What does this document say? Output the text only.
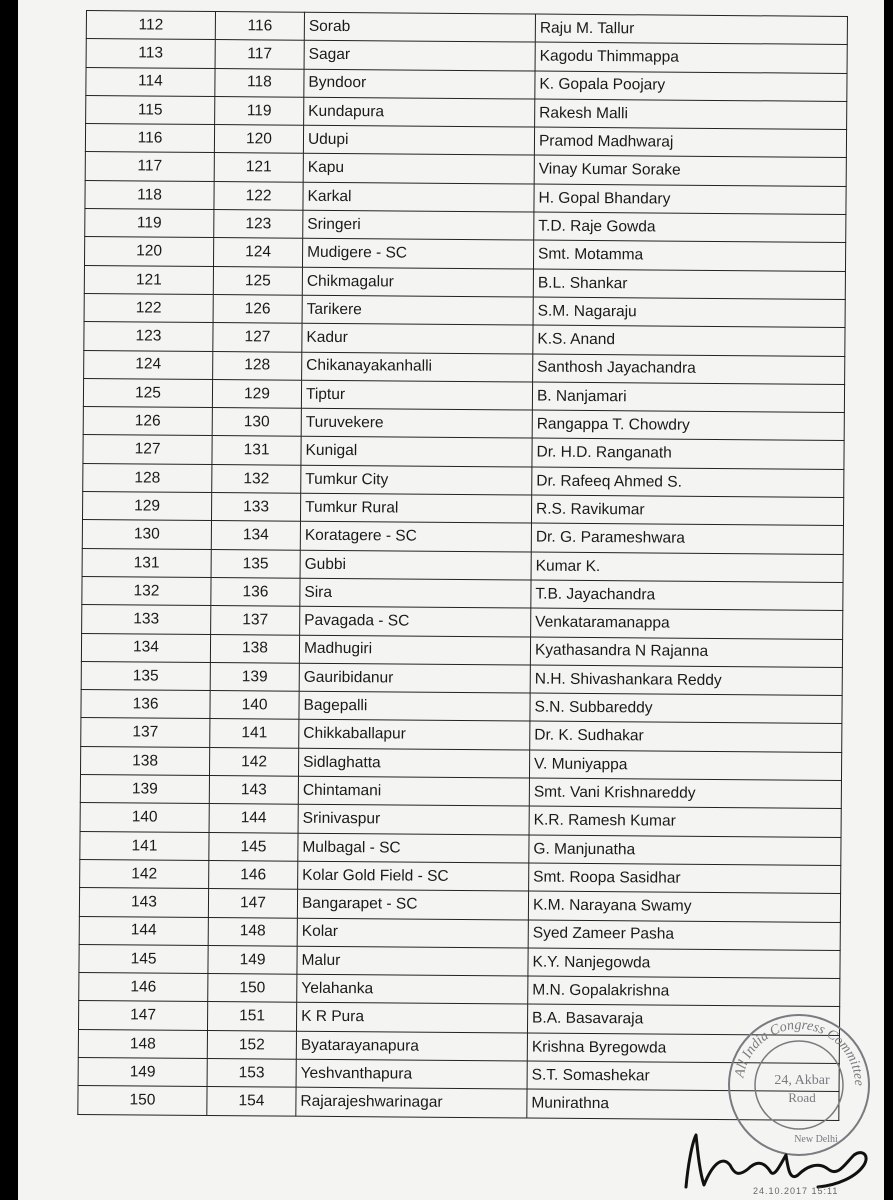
112	116	Sorab	Raju M. Tallur
113	117	Sagar	Kagodu Thimmappa
114	118	Byndoor	K. Gopala Poojary
115	119	Kundapura	Rakesh Malli
116	120	Udupi	Pramod Madhwaraj
117	121	Kapu	Vinay Kumar Sorake
118	122	Karkal	H. Gopal Bhandary
119	123	Sringeri	T.D. Raje Gowda
120	124	Mudigere - SC	Smt. Motamma
121	125	Chikmagalur	B.L. Shankar
122	126	Tarikere	S.M. Nagaraju
123	127	Kadur	K.S. Anand
124	128	Chikanayakanhalli	Santhosh Jayachandra
125	129	Tiptur	B. Nanjamari
126	130	Turuvekere	Rangappa T. Chowdry
127	131	Kunigal	Dr. H.D. Ranganath
128	132	Tumkur City	Dr. Rafeeq Ahmed S.
129	133	Tumkur Rural	R.S. Ravikumar
130	134	Koratagere - SC	Dr. G. Parameshwara
131	135	Gubbi	Kumar K.
132	136	Sira	T.B. Jayachandra
133	137	Pavagada - SC	Venkataramanappa
134	138	Madhugiri	Kyathasandra N Rajanna
135	139	Gauribidanur	N.H. Shivashankara Reddy
136	140	Bagepalli	S.N. Subbareddy
137	141	Chikkaballapur	Dr. K. Sudhakar
138	142	Sidlaghatta	V. Muniyappa
139	143	Chintamani	Smt. Vani Krishnareddy
140	144	Srinivaspur	K.R. Ramesh Kumar
141	145	Mulbagal - SC	G. Manjunatha
142	146	Kolar Gold Field - SC	Smt. Roopa Sasidhar
143	147	Bangarapet - SC	K.M. Narayana Swamy
144	148	Kolar	Syed Zameer Pasha
145	149	Malur	K.Y. Nanjegowda
146	150	Yelahanka	M.N. Gopalakrishna
147	151	K R Pura	B.A. Basavaraja
148	152	Byatarayanapura	Krishna Byregowda
149	153	Yeshvanthapura	S.T. Somashekar
150	154	Rajarajeshwarinagar	Munirathna
All India Congress Committee
24, Akbar
Road
New Delhi
24.10.2017 15:11
